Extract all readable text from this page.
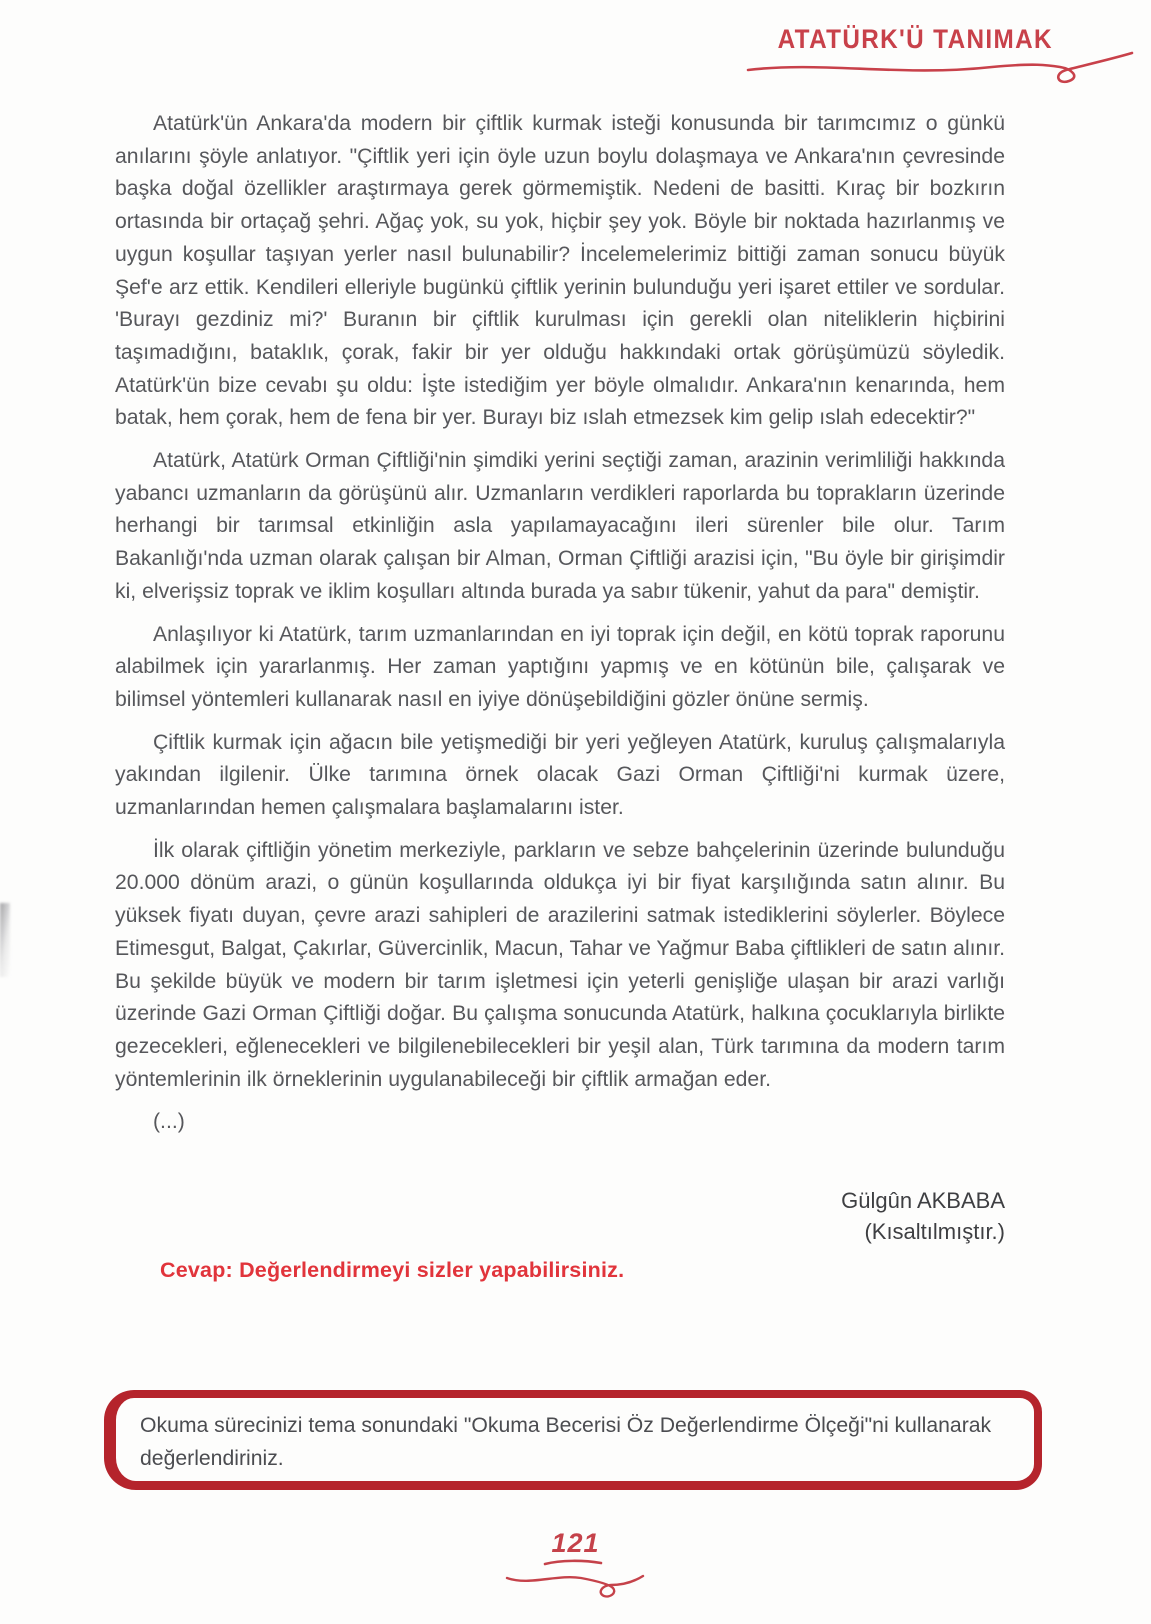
ATATÜRK'Ü TANIMAK

Atatürk'ün Ankara'da modern bir çiftlik kurmak isteği konusunda bir tarımcımız o günkü anılarını şöyle anlatıyor. "Çiftlik yeri için öyle uzun boylu dolaşmaya ve Ankara'nın çevresinde başka doğal özellikler araştırmaya gerek görmemiştik. Nedeni de basitti. Kıraç bir bozkırın ortasında bir ortaçağ şehri. Ağaç yok, su yok, hiçbir şey yok. Böyle bir noktada hazırlanmış ve uygun koşullar taşıyan yerler nasıl bulunabilir? İncelemelerimiz bittiği zaman sonucu büyük Şef'e arz ettik. Kendileri elleriyle bugünkü çiftlik yerinin bulunduğu yeri işaret ettiler ve sordular. 'Burayı gezdiniz mi?' Buranın bir çiftlik kurulması için gerekli olan niteliklerin hiçbirini taşımadığını, bataklık, çorak, fakir bir yer olduğu hakkındaki ortak görüşümüzü söyledik. Atatürk'ün bize cevabı şu oldu: İşte istediğim yer böyle olmalıdır. Ankara'nın kenarında, hem batak, hem çorak, hem de fena bir yer. Burayı biz ıslah etmezsek kim gelip ıslah edecektir?"

Atatürk, Atatürk Orman Çiftliği'nin şimdiki yerini seçtiği zaman, arazinin verimliliği hakkında yabancı uzmanların da görüşünü alır. Uzmanların verdikleri raporlarda bu toprakların üzerinde herhangi bir tarımsal etkinliğin asla yapılamayacağını ileri sürenler bile olur. Tarım Bakanlığı'nda uzman olarak çalışan bir Alman, Orman Çiftliği arazisi için, "Bu öyle bir girişimdir ki, elverişsiz toprak ve iklim koşulları altında burada ya sabır tükenir, yahut da para" demiştir.

Anlaşılıyor ki Atatürk, tarım uzmanlarından en iyi toprak için değil, en kötü toprak raporunu alabilmek için yararlanmış. Her zaman yaptığını yapmış ve en kötünün bile, çalışarak ve bilimsel yöntemleri kullanarak nasıl en iyiye dönüşebildiğini gözler önüne sermiş.

Çiftlik kurmak için ağacın bile yetişmediği bir yeri yeğleyen Atatürk, kuruluş çalışmalarıyla yakından ilgilenir. Ülke tarımına örnek olacak Gazi Orman Çiftliği'ni kurmak üzere, uzmanlarından hemen çalışmalara başlamalarını ister.

İlk olarak çiftliğin yönetim merkeziyle, parkların ve sebze bahçelerinin üzerinde bulunduğu 20.000 dönüm arazi, o günün koşullarında oldukça iyi bir fiyat karşılığında satın alınır. Bu yüksek fiyatı duyan, çevre arazi sahipleri de arazilerini satmak istediklerini söylerler. Böylece Etimesgut, Balgat, Çakırlar, Güvercinlik, Macun, Tahar ve Yağmur Baba çiftlikleri de satın alınır. Bu şekilde büyük ve modern bir tarım işletmesi için yeterli genişliğe ulaşan bir arazi varlığı üzerinde Gazi Orman Çiftliği doğar. Bu çalışma sonucunda Atatürk, halkına çocuklarıyla birlikte gezecekleri, eğlenecekleri ve bilgilenebilecekleri bir yeşil alan, Türk tarımına da modern tarım yöntemlerinin ilk örneklerinin uygulanabileceği bir çiftlik armağan eder.

(...)

Gülgûn AKBABA
(Kısaltılmıştır.)
Cevap: Değerlendirmeyi sizler yapabilirsiniz.
Okuma sürecinizi tema sonundaki "Okuma Becerisi Öz Değerlendirme Ölçeği"ni kullanarak değerlendiriniz.
121
